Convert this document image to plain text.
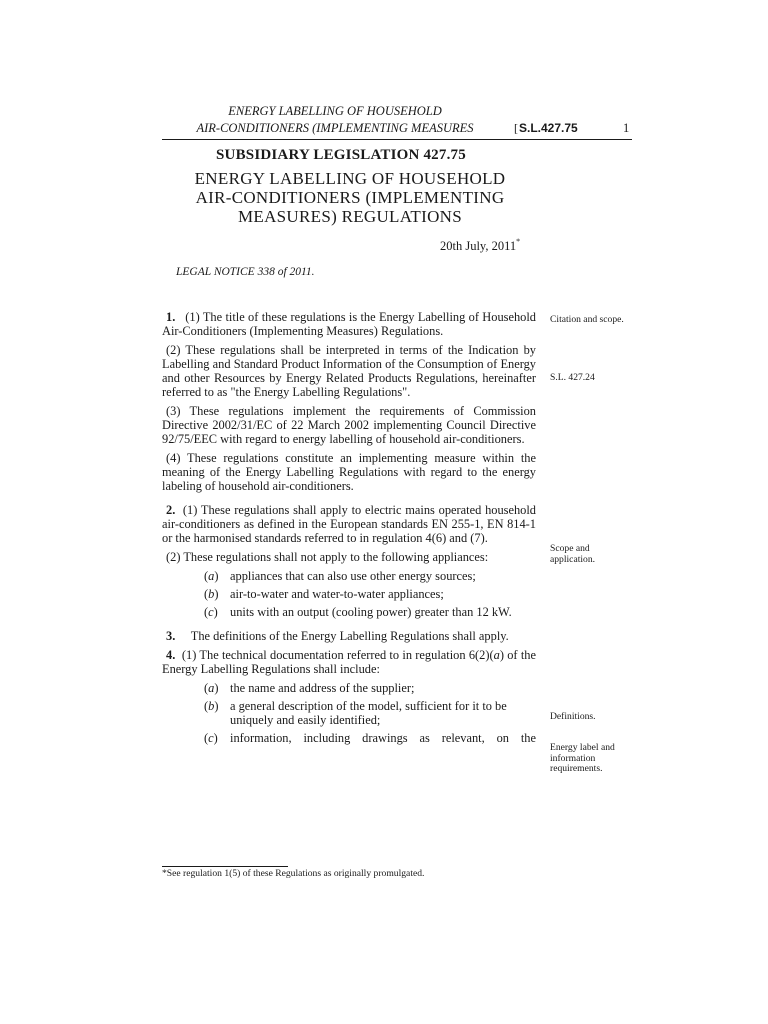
ENERGY LABELLING OF HOUSEHOLD
AIR-CONDITIONERS (IMPLEMENTING MEASURES	[S.L.427.75	1
SUBSIDIARY LEGISLATION 427.75
ENERGY LABELLING OF HOUSEHOLD
AIR-CONDITIONERS (IMPLEMENTING
MEASURES) REGULATIONS
20th July, 2011*
LEGAL NOTICE 338 of 2011.
1. (1) The title of these regulations is the Energy Labelling of Household Air-Conditioners (Implementing Measures) Regulations.
(2) These regulations shall be interpreted in terms of the Indication by Labelling and Standard Product Information of the Consumption of Energy and other Resources by Energy Related Products Regulations, hereinafter referred to as "the Energy Labelling Regulations".
(3) These regulations implement the requirements of Commission Directive 2002/31/EC of 22 March 2002 implementing Council Directive 92/75/EEC with regard to energy labelling of household air-conditioners.
(4) These regulations constitute an implementing measure within the meaning of the Energy Labelling Regulations with regard to the energy labeling of household air-conditioners.
2. (1) These regulations shall apply to electric mains operated household air-conditioners as defined in the European standards EN 255-1, EN 814-1 or the harmonised standards referred to in regulation 4(6) and (7).
(2) These regulations shall not apply to the following appliances:
(a) appliances that can also use other energy sources;
(b) air-to-water and water-to-water appliances;
(c) units with an output (cooling power) greater than 12 kW.
3. The definitions of the Energy Labelling Regulations shall apply.
4. (1) The technical documentation referred to in regulation 6(2)(a) of the Energy Labelling Regulations shall include:
(a) the name and address of the supplier;
(b) a general description of the model, sufficient for it to be uniquely and easily identified;
(c) information, including drawings as relevant, on the
Citation and scope.
S.L. 427.24
Scope and application.
Definitions.
Energy label and information requirements.
*See regulation 1(5) of these Regulations as originally promulgated.
